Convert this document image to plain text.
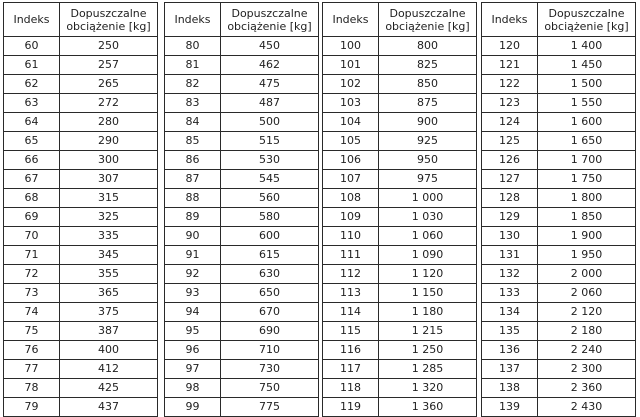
Indeks	Dopuszczalne obciążenie [kg]
60	250
61	257
62	265
63	272
64	280
65	290
66	300
67	307
68	315
69	325
70	335
71	345
72	355
73	365
74	375
75	387
76	400
77	412
78	425
79	437
Indeks	Dopuszczalne obciążenie [kg]
80	450
81	462
82	475
83	487
84	500
85	515
86	530
87	545
88	560
89	580
90	600
91	615
92	630
93	650
94	670
95	690
96	710
97	730
98	750
99	775
Indeks	Dopuszczalne obciążenie [kg]
100	800
101	825
102	850
103	875
104	900
105	925
106	950
107	975
108	1 000
109	1 030
110	1 060
111	1 090
112	1 120
113	1 150
114	1 180
115	1 215
116	1 250
117	1 285
118	1 320
119	1 360
Indeks	Dopuszczalne obciążenie [kg]
120	1 400
121	1 450
122	1 500
123	1 550
124	1 600
125	1 650
126	1 700
127	1 750
128	1 800
129	1 850
130	1 900
131	1 950
132	2 000
133	2 060
134	2 120
135	2 180
136	2 240
137	2 300
138	2 360
139	2 430
